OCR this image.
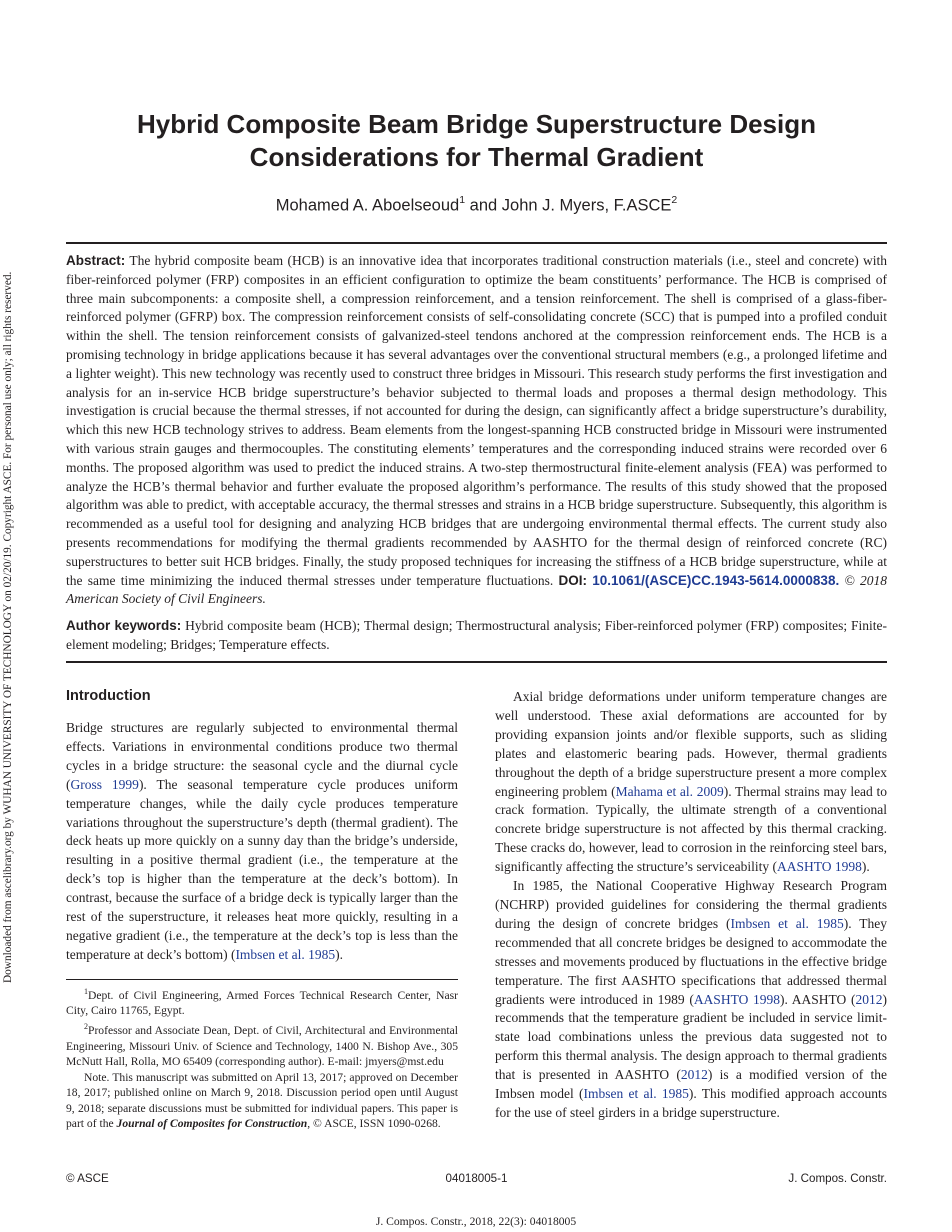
Downloaded from ascelibrary.org by WUHAN UNIVERSITY OF TECHNOLOGY on 02/20/19. Copyright ASCE. For personal use only; all rights reserved.
Hybrid Composite Beam Bridge Superstructure Design
Considerations for Thermal Gradient
Mohamed A. Aboelseoud$^1$ and John J. Myers, F.ASCE$^2$
Abstract: The hybrid composite beam (HCB) is an innovative idea that incorporates traditional construction materials (i.e., steel and concrete) with fiber-reinforced polymer (FRP) composites in an efficient configuration to optimize the beam constituents’ performance. The HCB is comprised of three main subcomponents: a composite shell, a compression reinforcement, and a tension reinforcement. The shell is comprised of a glass-fiber-reinforced polymer (GFRP) box. The compression reinforcement consists of self-consolidating concrete (SCC) that is pumped into a profiled conduit within the shell. The tension reinforcement consists of galvanized-steel tendons anchored at the compression reinforcement ends. The HCB is a promising technology in bridge applications because it has several advantages over the conventional structural members (e.g., a prolonged lifetime and a lighter weight). This new technology was recently used to construct three bridges in Missouri. This research study performs the first investigation and analysis for an in-service HCB bridge superstructure’s behavior subjected to thermal loads and proposes a thermal design methodology. This investigation is crucial because the thermal stresses, if not accounted for during the design, can significantly affect a bridge superstructure’s durability, which this new HCB technology strives to address. Beam elements from the longest-spanning HCB constructed bridge in Missouri were instrumented with various strain gauges and thermocouples. The constituting elements’ temperatures and the corresponding induced strains were recorded over 6 months. The proposed algorithm was used to predict the induced strains. A two-step thermostructural finite-element analysis (FEA) was performed to analyze the HCB’s thermal behavior and further evaluate the proposed algorithm’s performance. The results of this study showed that the proposed algorithm was able to predict, with acceptable accuracy, the thermal stresses and strains in a HCB bridge superstructure. Subsequently, this algorithm is recommended as a useful tool for designing and analyzing HCB bridges that are undergoing environmental thermal effects. The current study also presents recommendations for modifying the thermal gradients recommended by AASHTO for the thermal design of reinforced concrete (RC) superstructures to better suit HCB bridges. Finally, the study proposed techniques for increasing the stiffness of a HCB bridge superstructure, while at the same time minimizing the induced thermal stresses under temperature fluctuations. DOI: 10.1061/(ASCE)CC.1943-5614.0000838. © 2018 American Society of Civil Engineers.
Author keywords: Hybrid composite beam (HCB); Thermal design; Thermostructural analysis; Fiber-reinforced polymer (FRP) composites; Finite-element modeling; Bridges; Temperature effects.
Introduction

Bridge structures are regularly subjected to environmental thermal effects. Variations in environmental conditions produce two thermal cycles in a bridge structure: the seasonal cycle and the diurnal cycle (Gross 1999). The seasonal temperature cycle produces uniform temperature changes, while the daily cycle produces temperature variations throughout the superstructure’s depth (thermal gradient). The deck heats up more quickly on a sunny day than the bridge’s underside, resulting in a positive thermal gradient (i.e., the temperature at the deck’s top is higher than the temperature at the deck’s bottom). In contrast, because the surface of a bridge deck is typically larger than the rest of the superstructure, it releases heat more quickly, resulting in a negative gradient (i.e., the temperature at the deck’s top is less than the temperature at deck’s bottom) (Imbsen et al. 1985).

$^1$Dept. of Civil Engineering, Armed Forces Technical Research Center, Nasr City, Cairo 11765, Egypt.

$^2$Professor and Associate Dean, Dept. of Civil, Architectural and Environmental Engineering, Missouri Univ. of Science and Technology, 1400 N. Bishop Ave., 305 McNutt Hall, Rolla, MO 65409 (corresponding author). E-mail: jmyers@mst.edu

Note. This manuscript was submitted on April 13, 2017; approved on December 18, 2017; published online on March 9, 2018. Discussion period open until August 9, 2018; separate discussions must be submitted for individual papers. This paper is part of the Journal of Composites for Construction, © ASCE, ISSN 1090-0268.

Axial bridge deformations under uniform temperature changes are well understood. These axial deformations are accounted for by providing expansion joints and/or flexible supports, such as sliding plates and elastomeric bearing pads. However, thermal gradients throughout the depth of a bridge superstructure present a more complex engineering problem (Mahama et al. 2009). Thermal strains may lead to crack formation. Typically, the ultimate strength of a conventional concrete bridge superstructure is not affected by this thermal cracking. These cracks do, however, lead to corrosion in the reinforcing steel bars, significantly affecting the structure’s serviceability (AASHTO 1998).

In 1985, the National Cooperative Highway Research Program (NCHRP) provided guidelines for considering the thermal gradients during the design of concrete bridges (Imbsen et al. 1985). They recommended that all concrete bridges be designed to accommodate the stresses and movements produced by fluctuations in the effective bridge temperature. The first AASHTO specifications that addressed thermal gradients were introduced in 1989 (AASHTO 1998). AASHTO (2012) recommends that the temperature gradient be included in service limit-state load combinations unless the previous data suggested not to perform this thermal analysis. The design approach to thermal gradients that is presented in AASHTO (2012) is a modified version of the Imbsen model (Imbsen et al. 1985). This modified approach accounts for the use of steel girders in a bridge superstructure.

© ASCE	04018005-1	J. Compos. Constr.
J. Compos. Constr., 2018, 22(3): 04018005
